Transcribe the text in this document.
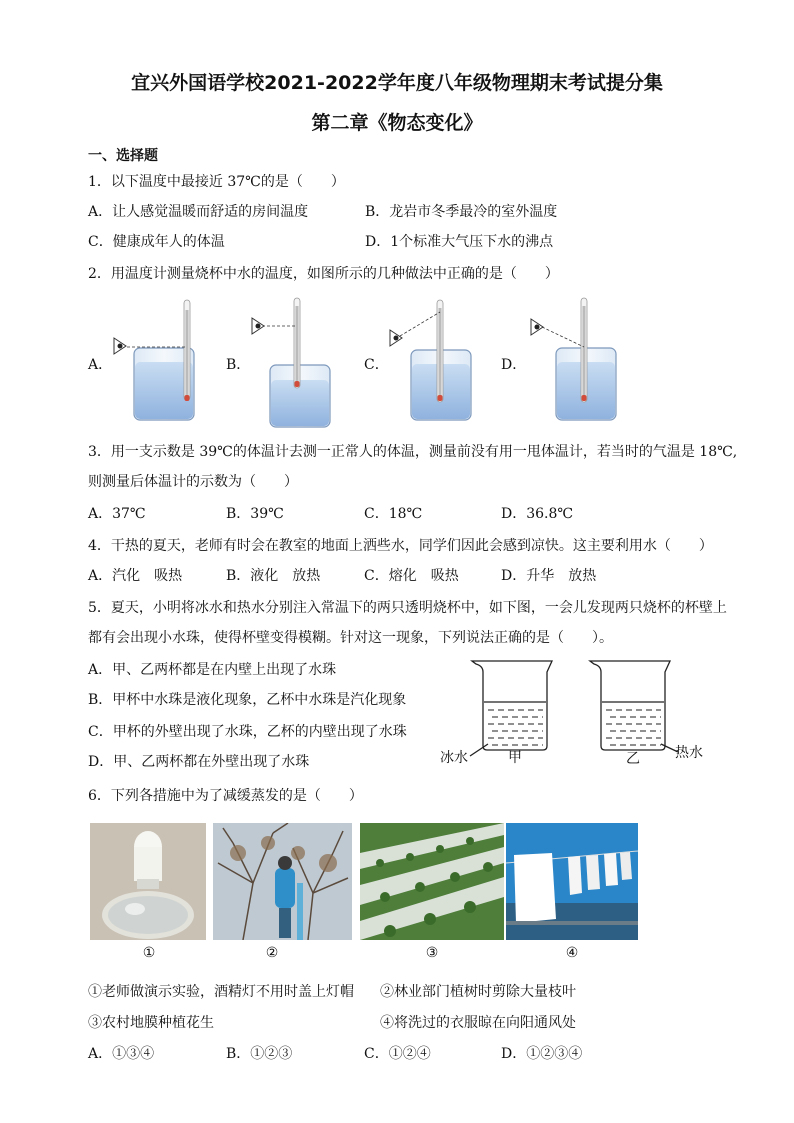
宜兴外国语学校2021-2022学年度八年级物理期末考试提分集
第二章《物态变化》
一、选择题
1．以下温度中最接近 37℃的是（　　）
A．让人感觉温暖而舒适的房间温度	B．龙岩市冬季最冷的室外温度
C．健康成年人的体温	D．1个标准大气压下水的沸点
2．用温度计测量烧杯中水的温度，如图所示的几种做法中正确的是（　　）
A．	B．	C．	D．
3．用一支示数是 39℃的体温计去测一正常人的体温，测量前没有用一甩体温计，若当时的气温是 18℃,
则测量后体温计的示数为（　　）
A．37℃	B．39℃	C．18℃	D．36.8℃
4．干热的夏天，老师有时会在教室的地面上洒些水，同学们因此会感到凉快。这主要利用水（　　）
A．汽化　吸热	B．液化　放热	C．熔化　吸热	D．升华　放热
5．夏天，小明将冰水和热水分别注入常温下的两只透明烧杯中，如下图，一会儿发现两只烧杯的杯壁上
都有会出现小水珠，使得杯壁变得模糊。针对这一现象，下列说法正确的是（　　）。
A．甲、乙两杯都是在内壁上出现了水珠
B．甲杯中水珠是液化现象，乙杯中水珠是汽化现象
C．甲杯的外壁出现了水珠，乙杯的内壁出现了水珠
D．甲、乙两杯都在外壁出现了水珠	冰水	甲	乙	热水
6．下列各措施中为了减缓蒸发的是（　　）
①	②	③	④
①老师做演示实验，酒精灯不用时盖上灯帽 ②林业部门植树时剪除大量枝叶
③农村地膜种植花生	④将洗过的衣服晾在向阳通风处
A．①③④	B．①②③	C．①②④	D．①②③④
